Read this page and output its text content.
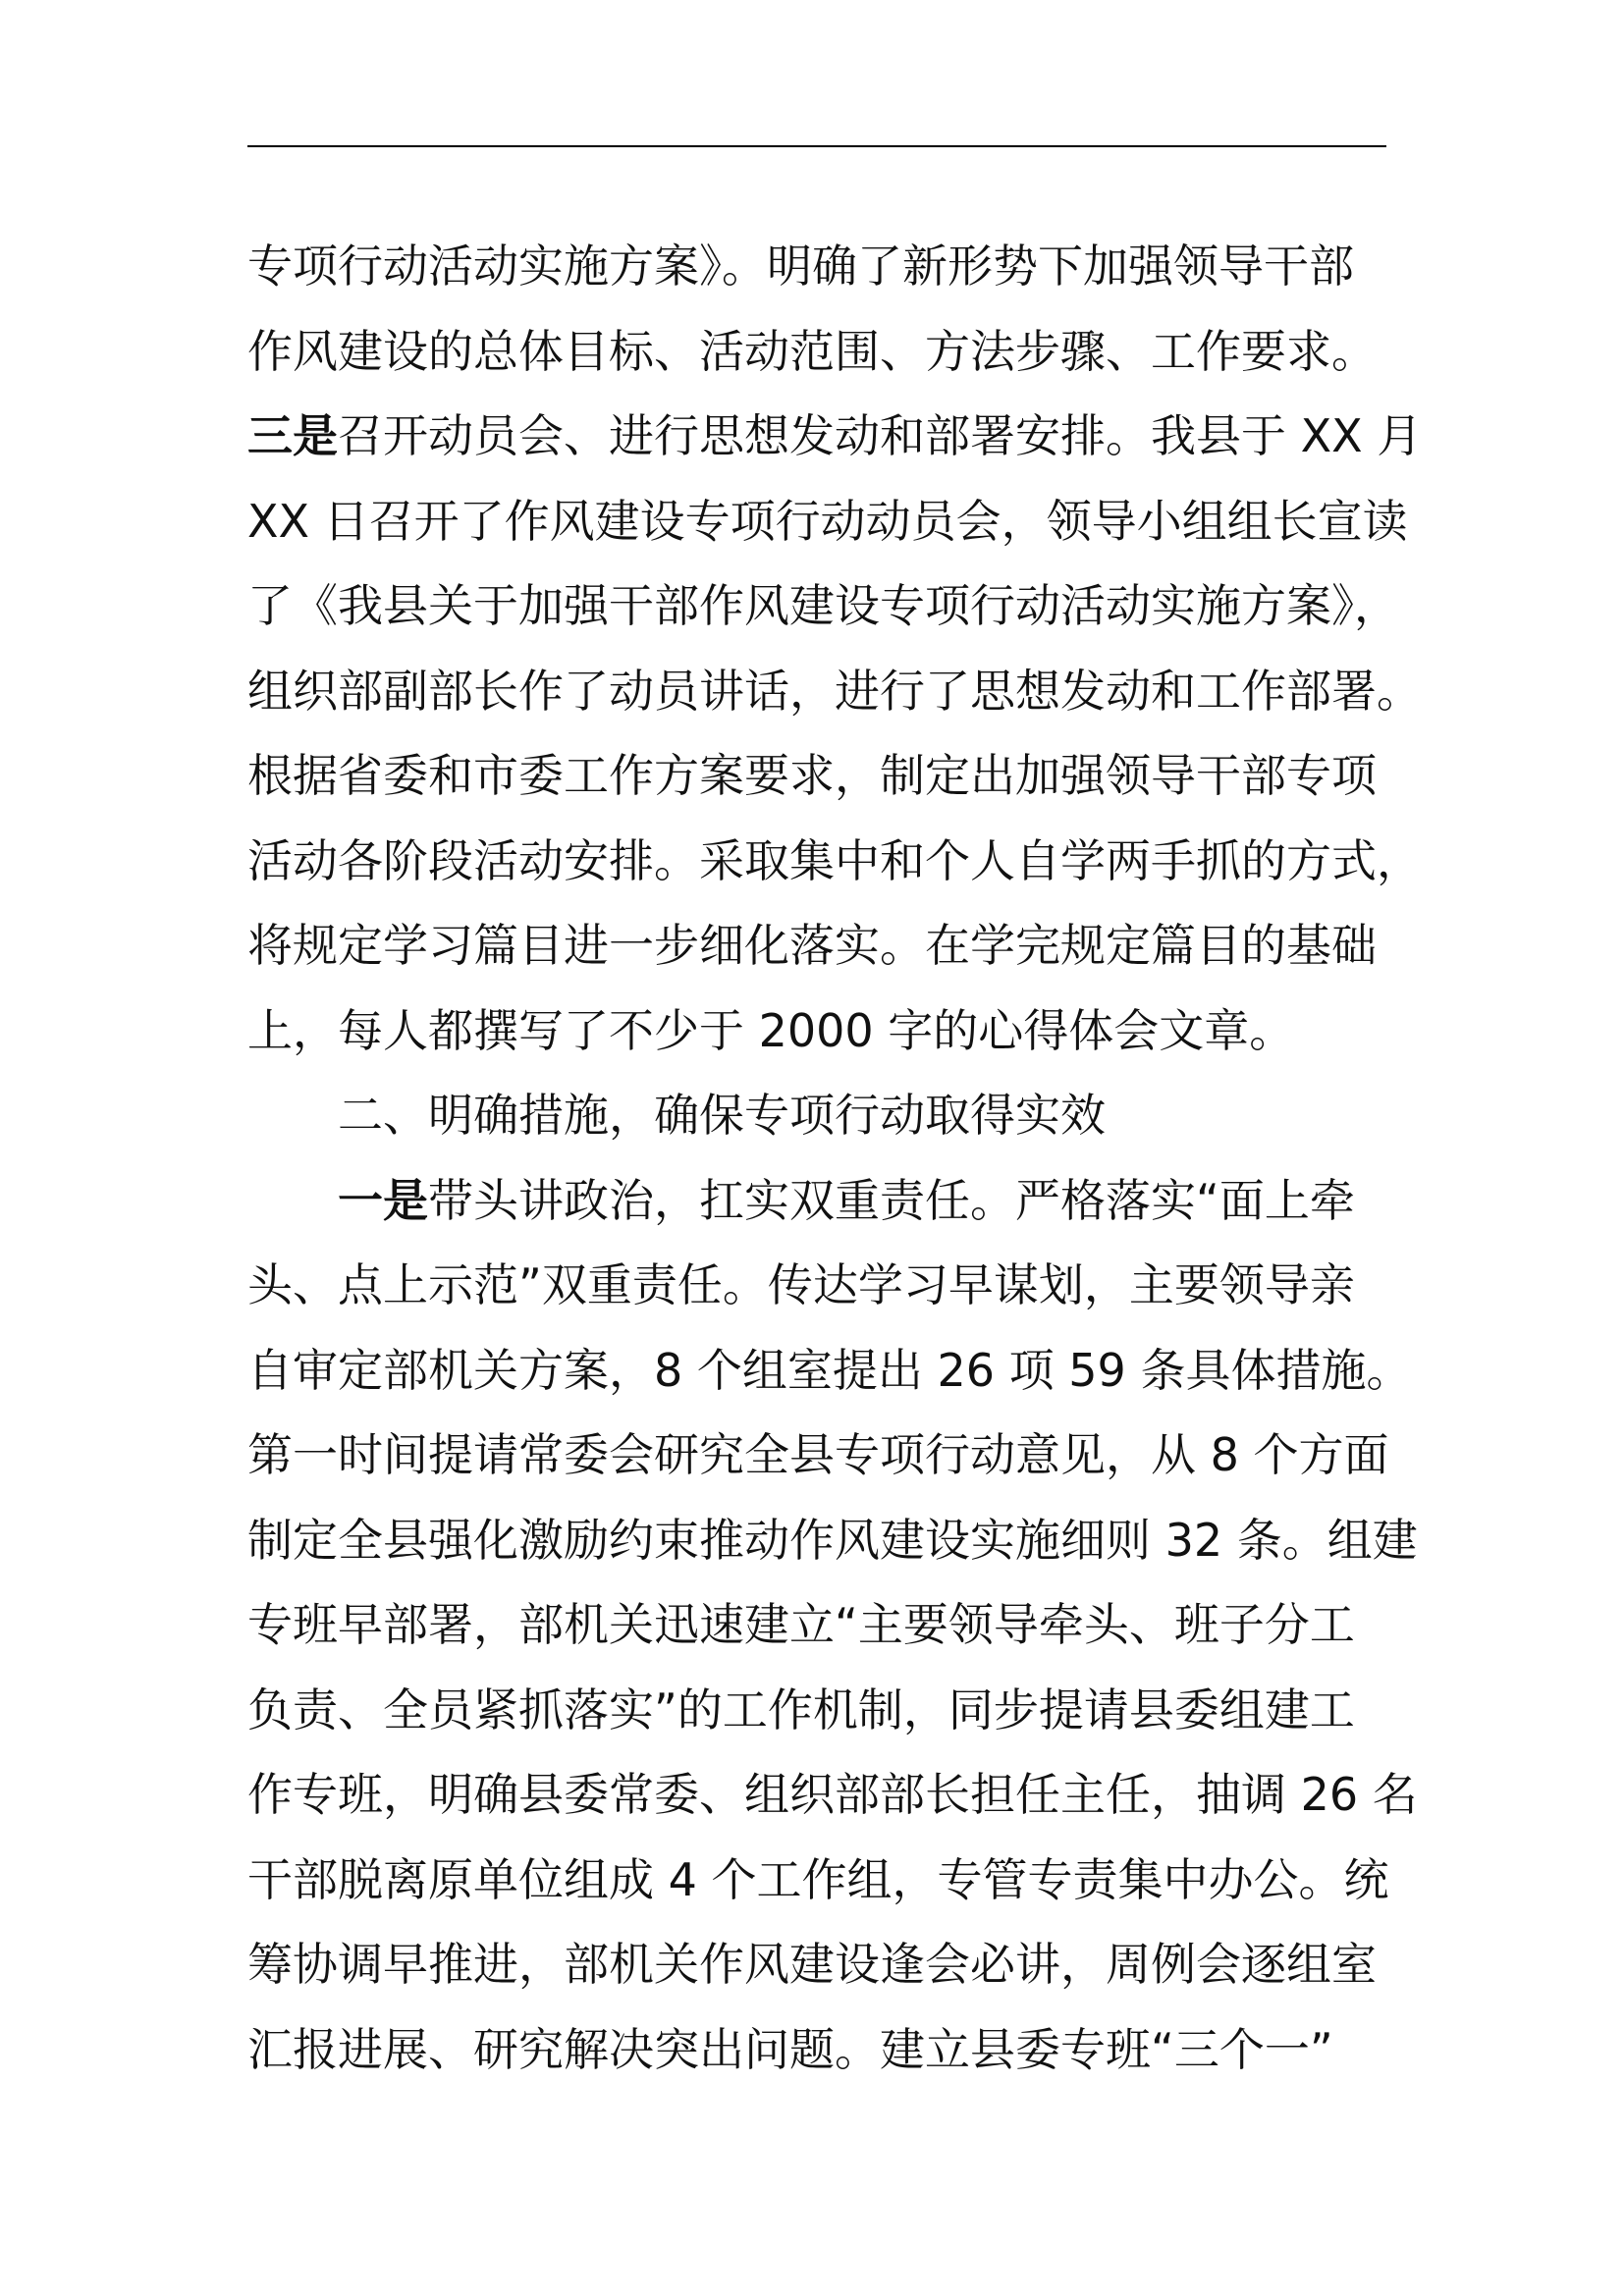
专项行动活动实施方案》。明确了新形势下加强领导干部
作风建设的总体目标、活动范围、方法步骤、工作要求。
三是召开动员会、进行思想发动和部署安排。我县于 XX 月
XX 日召开了作风建设专项行动动员会，领导小组组长宣读
了《我县关于加强干部作风建设专项行动活动实施方案》，
组织部副部长作了动员讲话，进行了思想发动和工作部署。
根据省委和市委工作方案要求，制定出加强领导干部专项
活动各阶段活动安排。采取集中和个人自学两手抓的方式，
将规定学习篇目进一步细化落实。在学完规定篇目的基础
上，每人都撰写了不少于 2000 字的心得体会文章。
二、明确措施，确保专项行动取得实效
一是带头讲政治，扛实双重责任。严格落实“面上牵
头、点上示范”双重责任。传达学习早谋划，主要领导亲
自审定部机关方案，8 个组室提出 26 项 59 条具体措施。
第一时间提请常委会研究全县专项行动意见，从 8 个方面
制定全县强化激励约束推动作风建设实施细则 32 条。组建
专班早部署，部机关迅速建立“主要领导牵头、班子分工
负责、全员紧抓落实”的工作机制，同步提请县委组建工
作专班，明确县委常委、组织部部长担任主任，抽调 26 名
干部脱离原单位组成 4 个工作组，专管专责集中办公。统
筹协调早推进，部机关作风建设逢会必讲，周例会逐组室
汇报进展、研究解决突出问题。建立县委专班“三个一”
